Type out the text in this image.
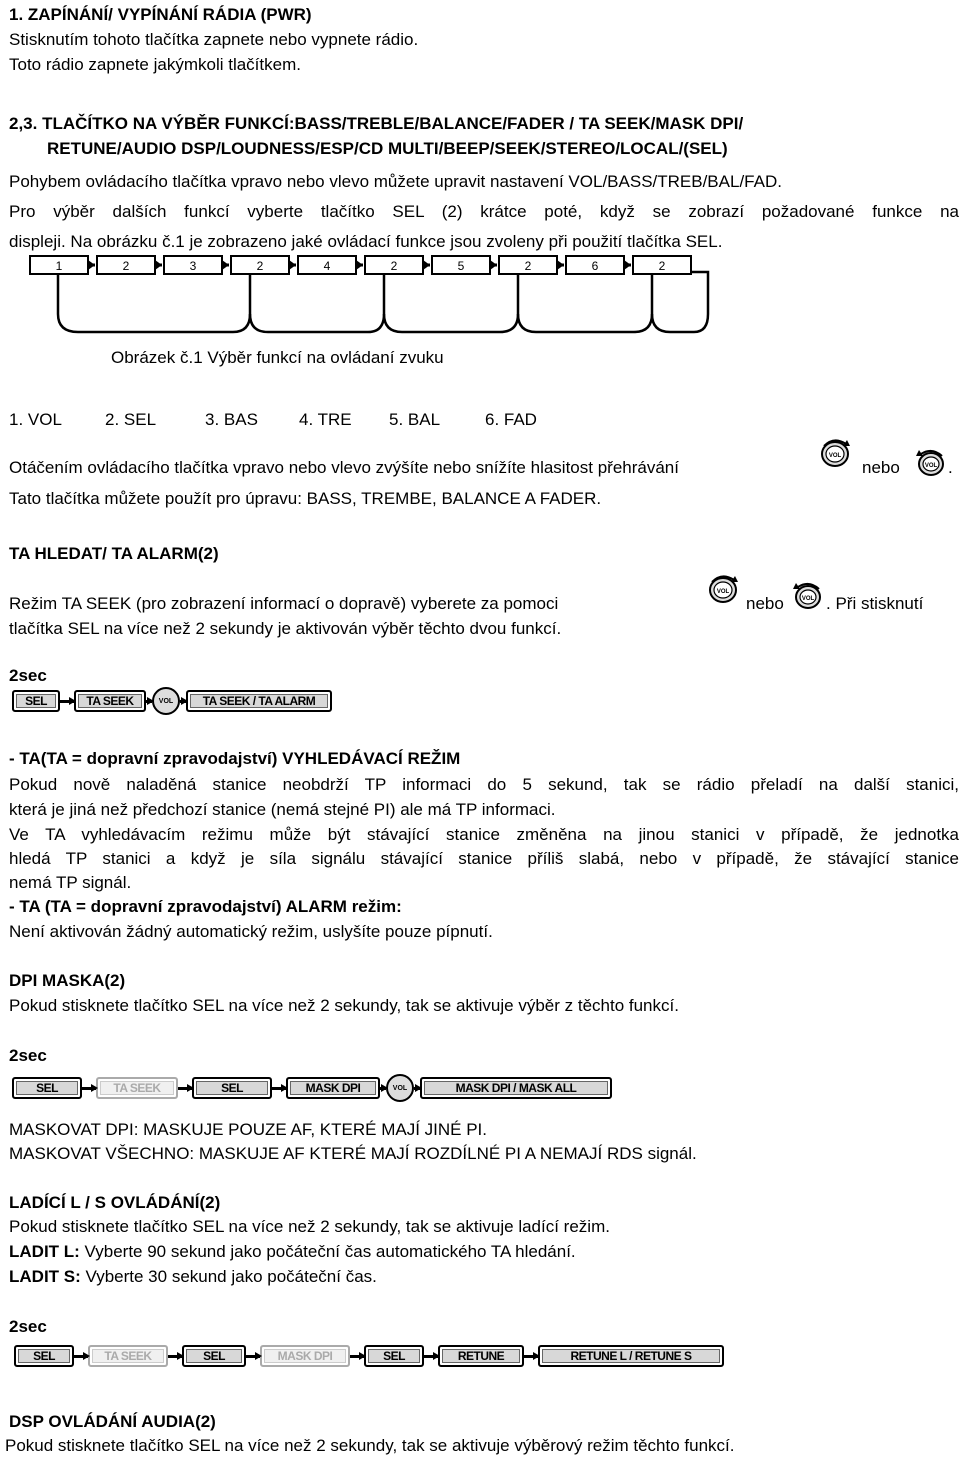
1. ZAPÍNÁNÍ/ VYPÍNÁNÍ RÁDIA (PWR)
Stisknutím tohoto tlačítka zapnete nebo vypnete rádio.
Toto rádio zapnete jakýmkoli tlačítkem.
2,3. TLAČÍTKO NA VÝBĚR FUNKCÍ:BASS/TREBLE/BALANCE/FADER / TA SEEK/MASK DPI/
RETUNE/AUDIO DSP/LOUDNESS/ESP/CD MULTI/BEEP/SEEK/STEREO/LOCAL/(SEL)
Pohybem ovládacího tlačítka vpravo nebo vlevo můžete upravit nastavení VOL/BASS/TREB/BAL/FAD.
Pro výběr dalších funkcí vyberte tlačítko SEL (2) krátce poté, když se zobrazí požadované funkce na
displeji. Na obrázku č.1 je zobrazeno jaké ovládací funkce jsou zvoleny při použití tlačítka SEL.
1	2	3	2	4	2	5	2	6	2
Obrázek č.1 Výběr funkcí na ovládaní zvuku
1. VOL	2. SEL	3. BAS 4. TRE 5. BAL	6. FAD
Otáčením ovládacího tlačítka vpravo nebo vlevo zvýšíte nebo snížíte hlasitost přehrávání
VOL
nebo	VOL .
Tato tlačítka můžete použít pro úpravu: BASS, TREMBE, BALANCE A FADER.
TA HLEDAT/ TA ALARM(2)
Režim TA SEEK (pro zobrazení informací o dopravě) vyberete za pomoci
VOL
nebo	VOL . Při stisknutí
tlačítka SEL na více než 2 sekundy je aktivován výběr těchto dvou funkcí.
2sec
SEL	TA SEEK	VOL	TA SEEK / TA ALARM
- TA(TA = dopravní zpravodajství) VYHLEDÁVACÍ REŽIM
Pokud nově naladěná stanice neobdrží TP informaci do 5 sekund, tak se rádio přeladí na další stanici,
která je jiná než předchozí stanice (nemá stejné PI) ale má TP informaci.
Ve TA vyhledávacím režimu může být stávající stanice změněna na jinou stanici v případě, že jednotka
hledá TP stanici a když je síla signálu stávající stanice příliš slabá, nebo v případě, že stávající stanice
nemá TP signál.
- TA (TA = dopravní zpravodajství) ALARM režim:
Není aktivován žádný automatický režim, uslyšíte pouze pípnutí.
DPI MASKA(2)
Pokud stisknete tlačítko SEL na více než 2 sekundy, tak se aktivuje výběr z těchto funkcí.
2sec
SEL	TA SEEK	SEL	MASK DPI	VOL	MASK DPI / MASK ALL
MASKOVAT DPI: MASKUJE POUZE AF, KTERÉ MAJÍ JINÉ PI.
MASKOVAT VŠECHNO: MASKUJE AF KTERÉ MAJÍ ROZDÍLNÉ PI A NEMAJÍ RDS signál.
LADÍCÍ L / S OVLÁDÁNÍ(2)
Pokud stisknete tlačítko SEL na více než 2 sekundy, tak se aktivuje ladící režim.
LADIT L: Vyberte 90 sekund jako počáteční čas automatického TA hledání.
LADIT S: Vyberte 30 sekund jako počáteční čas.
2sec
SEL	TA SEEK	SEL	MASK DPI	SEL	RETUNE	RETUNE L / RETUNE S
DSP OVLÁDÁNÍ AUDIA(2)
Pokud stisknete tlačítko SEL na více než 2 sekundy, tak se aktivuje výběrový režim těchto funkcí.
